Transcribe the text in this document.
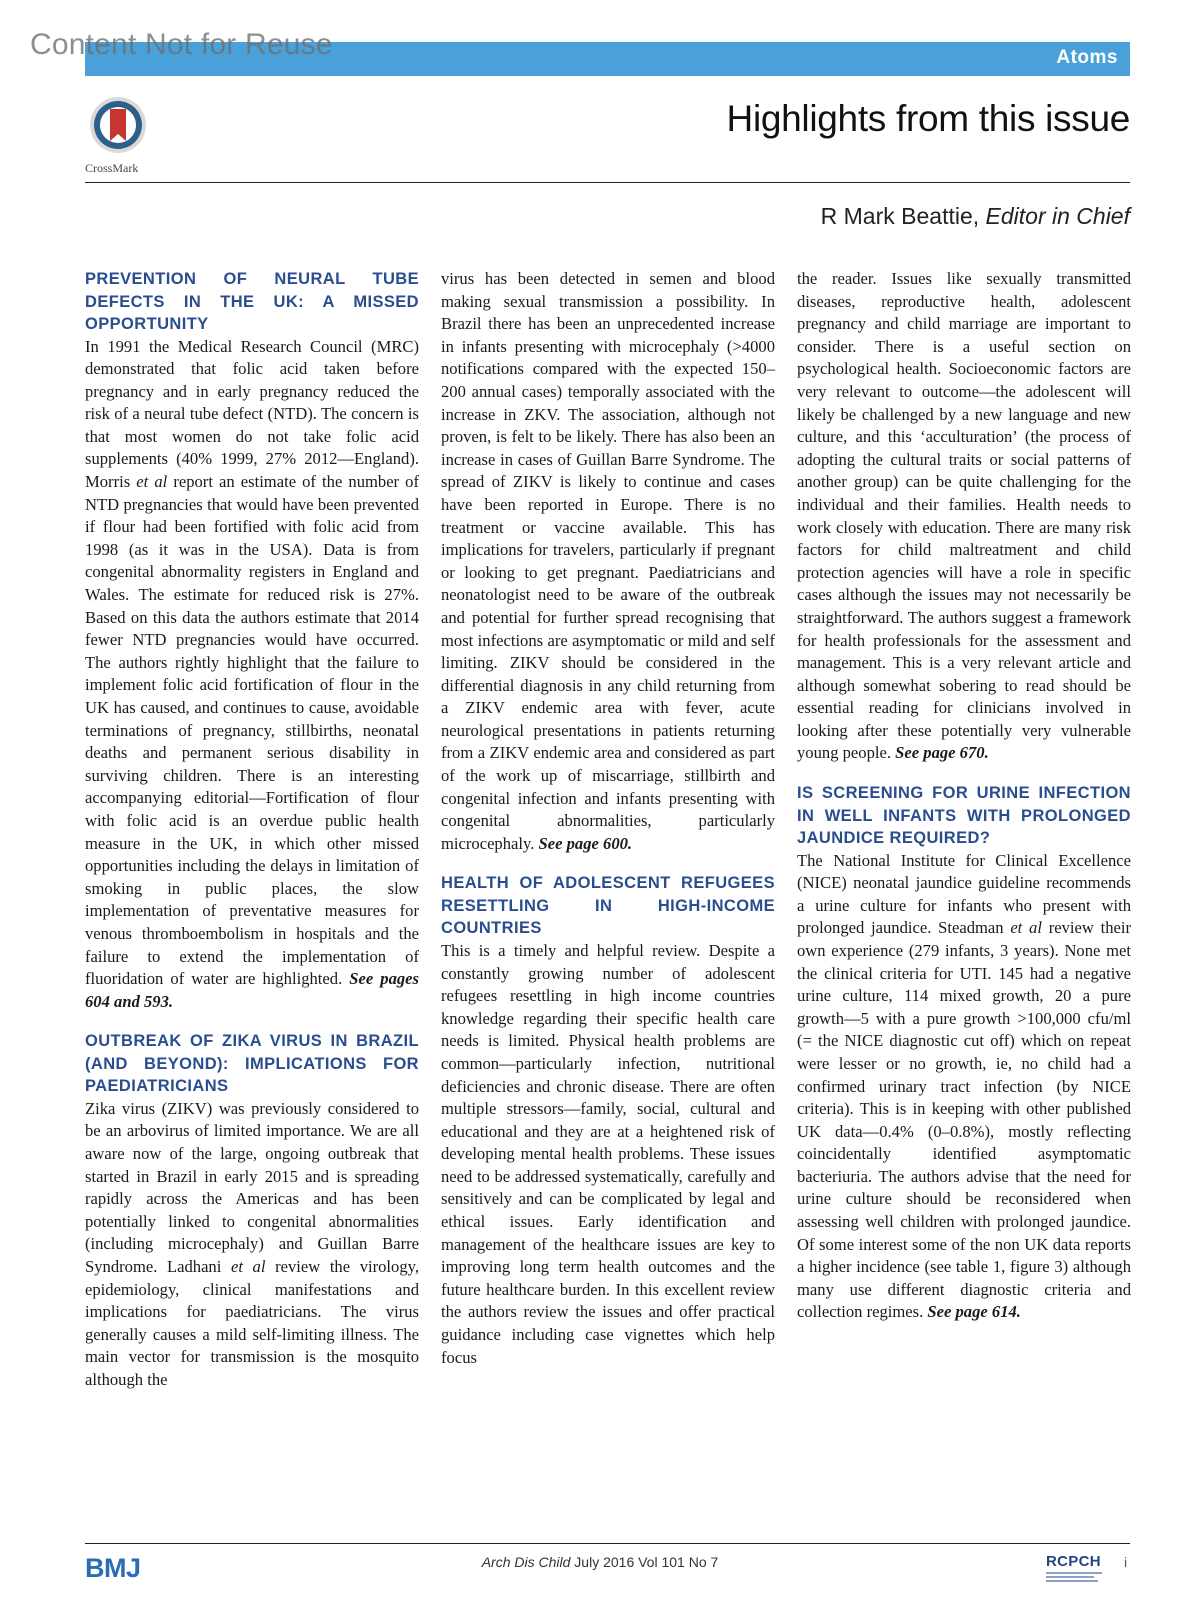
Content Not for Reuse	Atoms
CrossMark
Highlights from this issue
R Mark Beattie, Editor in Chief
PREVENTION OF NEURAL TUBE DEFECTS IN THE UK: A MISSED OPPORTUNITY

In 1991 the Medical Research Council (MRC) demonstrated that folic acid taken before pregnancy and in early pregnancy reduced the risk of a neural tube defect (NTD). The concern is that most women do not take folic acid supplements (40% 1999, 27% 2012—England). Morris et al report an estimate of the number of NTD pregnancies that would have been prevented if flour had been fortified with folic acid from 1998 (as it was in the USA). Data is from congenital abnormality registers in England and Wales. The estimate for reduced risk is 27%. Based on this data the authors estimate that 2014 fewer NTD pregnancies would have occurred. The authors rightly highlight that the failure to implement folic acid fortification of flour in the UK has caused, and continues to cause, avoidable terminations of pregnancy, stillbirths, neonatal deaths and permanent serious disability in surviving children. There is an interesting accompanying editorial—Fortification of flour with folic acid is an overdue public health measure in the UK, in which other missed opportunities including the delays in limitation of smoking in public places, the slow implementation of preventative measures for venous thromboembolism in hospitals and the failure to extend the implementation of fluoridation of water are highlighted. See pages 604 and 593.

OUTBREAK OF ZIKA VIRUS IN BRAZIL (AND BEYOND): IMPLICATIONS FOR PAEDIATRICIANS

Zika virus (ZIKV) was previously considered to be an arbovirus of limited importance. We are all aware now of the large, ongoing outbreak that started in Brazil in early 2015 and is spreading rapidly across the Americas and has been potentially linked to congenital abnormalities (including microcephaly) and Guillan Barre Syndrome. Ladhani et al review the virology, epidemiology, clinical manifestations and implications for paediatricians. The virus generally causes a mild self-limiting illness. The main vector for transmission is the mosquito although the

virus has been detected in semen and blood making sexual transmission a possibility. In Brazil there has been an unprecedented increase in infants presenting with microcephaly (>4000 notifications compared with the expected 150–200 annual cases) temporally associated with the increase in ZKV. The association, although not proven, is felt to be likely. There has also been an increase in cases of Guillan Barre Syndrome. The spread of ZIKV is likely to continue and cases have been reported in Europe. There is no treatment or vaccine available. This has implications for travelers, particularly if pregnant or looking to get pregnant. Paediatricians and neonatologist need to be aware of the outbreak and potential for further spread recognising that most infections are asymptomatic or mild and self limiting. ZIKV should be considered in the differential diagnosis in any child returning from a ZIKV endemic area with fever, acute neurological presentations in patients returning from a ZIKV endemic area and considered as part of the work up of miscarriage, stillbirth and congenital infection and infants presenting with congenital abnormalities, particularly microcephaly. See page 600.

HEALTH OF ADOLESCENT REFUGEES RESETTLING IN HIGH-INCOME COUNTRIES

This is a timely and helpful review. Despite a constantly growing number of adolescent refugees resettling in high income countries knowledge regarding their specific health care needs is limited. Physical health problems are common—particularly infection, nutritional deficiencies and chronic disease. There are often multiple stressors—family, social, cultural and educational and they are at a heightened risk of developing mental health problems. These issues need to be addressed systematically, carefully and sensitively and can be complicated by legal and ethical issues. Early identification and management of the healthcare issues are key to improving long term health outcomes and the future healthcare burden. In this excellent review the authors review the issues and offer practical guidance including case vignettes which help focus

the reader. Issues like sexually transmitted diseases, reproductive health, adolescent pregnancy and child marriage are important to consider. There is a useful section on psychological health. Socioeconomic factors are very relevant to outcome—the adolescent will likely be challenged by a new language and new culture, and this ‘acculturation’ (the process of adopting the cultural traits or social patterns of another group) can be quite challenging for the individual and their families. Health needs to work closely with education. There are many risk factors for child maltreatment and child protection agencies will have a role in specific cases although the issues may not necessarily be straightforward. The authors suggest a framework for health professionals for the assessment and management. This is a very relevant article and although somewhat sobering to read should be essential reading for clinicians involved in looking after these potentially very vulnerable young people. See page 670.

IS SCREENING FOR URINE INFECTION IN WELL INFANTS WITH PROLONGED JAUNDICE REQUIRED?

The National Institute for Clinical Excellence (NICE) neonatal jaundice guideline recommends a urine culture for infants who present with prolonged jaundice. Steadman et al review their own experience (279 infants, 3 years). None met the clinical criteria for UTI. 145 had a negative urine culture, 114 mixed growth, 20 a pure growth—5 with a pure growth >100,000 cfu/ml (= the NICE diagnostic cut off) which on repeat were lesser or no growth, ie, no child had a confirmed urinary tract infection (by NICE criteria). This is in keeping with other published UK data—0.4% (0–0.8%), mostly reflecting coincidentally identified asymptomatic bacteriuria. The authors advise that the need for urine culture should be reconsidered when assessing well children with prolonged jaundice. Of some interest some of the non UK data reports a higher incidence (see table 1, figure 3) although many use different diagnostic criteria and collection regimes. See page 614.

BMJ	Arch Dis Child July 2016 Vol 101 No 7	RCPCH i
